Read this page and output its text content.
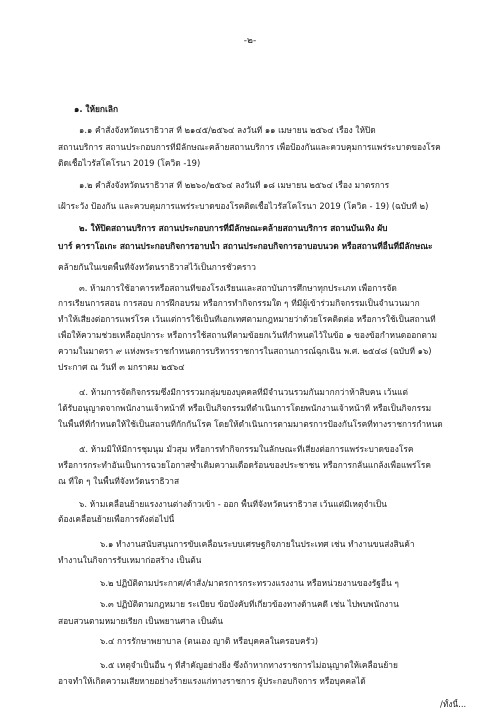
-๒-
๑. ให้ยกเลิก
๑.๑ คำสั่งจังหวัดนราธิวาส ที่ ๒๑๔๕/๒๕๖๔ ลงวันที่ ๑๑ เมษายน ๒๕๖๔ เรื่อง ให้ปิด
สถานบริการ สถานประกอบการที่มีลักษณะคล้ายสถานบริการ เพื่อป้องกันและควบคุมการแพร่ระบาดของโรค
ติดเชื้อไวรัสโคโรนา 2019 (โควิด -19)
๑.๒ คำสั่งจังหวัดนราธิวาส ที่ ๒๒๖๐/๒๕๖๔ ลงวันที่ ๑๘ เมษายน ๒๕๖๔ เรื่อง มาตรการ
เฝ้าระวัง ป้องกัน และควบคุมการแพร่ระบาดของโรคติดเชื้อไวรัสโคโรนา 2019 (โควิด - 19) (ฉบับที่ ๒)
๒. ให้ปิดสถานบริการ สถานประกอบการที่มีลักษณะคล้ายสถานบริการ สถานบันเทิง ผับ
บาร์ คาราโอเกะ สถานประกอบกิจการอาบน้ำ สถานประกอบกิจการอาบอบนวด หรือสถานที่อื่นที่มีลักษณะ
คล้ายกันในเขตพื้นที่จังหวัดนราธิวาสไว้เป็นการชั่วคราว
๓. ห้ามการใช้อาคารหรือสถานที่ของโรงเรียนและสถาบันการศึกษาทุกประเภท เพื่อการจัด
การเรียนการสอน การสอบ การฝึกอบรม หรือการทำกิจกรรมใด ๆ ที่มีผู้เข้าร่วมกิจกรรมเป็นจำนวนมาก
ทำให้เสี่ยงต่อการแพร่โรค เว้นแต่การใช้เป็นที่เอกเทศตามกฎหมายว่าด้วยโรคติดต่อ หรือการใช้เป็นสถานที่
เพื่อให้ความช่วยเหลืออุปการะ หรือการใช้สถานที่ตามข้อยกเว้นที่กำหนดไว้ในข้อ ๑ ของข้อกำหนดออกตาม
ความในมาตรา ๙ แห่งพระราชกำหนดการบริหารราชการในสถานการณ์ฉุกเฉิน พ.ศ. ๒๕๔๘ (ฉบับที่ ๑๖)
ประกาศ ณ วันที่ ๓ มกราคม ๒๕๖๔
๔. ห้ามการจัดกิจกรรมซึ่งมีการรวมกลุ่มของบุคคลที่มีจำนวนรวมกันมากกว่าห้าสิบคน เว้นแต่
ได้รับอนุญาตจากพนักงานเจ้าหน้าที่ หรือเป็นกิจกรรมที่ดำเนินการโดยพนักงานเจ้าหน้าที่ หรือเป็นกิจกรรม
ในพื้นที่ที่กำหนดให้ใช้เป็นสถานที่กักกันโรค โดยให้ดำเนินการตามมาตรการป้องกันโรคที่ทางราชการกำหนด
๕. ห้ามมิให้มีการชุมนุม มั่วสุม หรือการทำกิจกรรมในลักษณะที่เสี่ยงต่อการแพร่ระบาดของโรค
หรือการกระทำอันเป็นการฉวยโอกาสซ้ำเติมความเดือดร้อนของประชาชน หรือการกลั่นแกล้งเพื่อแพร่โรค
ณ ที่ใด ๆ ในพื้นที่จังหวัดนราธิวาส
๖. ห้ามเคลื่อนย้ายแรงงานต่างด้าวเข้า - ออก พื้นที่จังหวัดนราธิวาส เว้นแต่มีเหตุจำเป็น
ต้องเคลื่อนย้ายเพื่อการดังต่อไปนี้
๖.๑ ทำงานสนับสนุนการขับเคลื่อนระบบเศรษฐกิจภายในประเทศ เช่น ทำงานขนส่งสินค้า
ทำงานในกิจการรับเหมาก่อสร้าง เป็นต้น
๖.๒ ปฏิบัติตามประกาศ/คำสั่ง/มาตรการกระทรวงแรงงาน หรือหน่วยงานของรัฐอื่น ๆ
๖.๓ ปฏิบัติตามกฎหมาย ระเบียบ ข้อบังคับที่เกี่ยวข้องทางด้านคดี เช่น ไปพบพนักงาน
สอบสวนตามหมายเรียก เป็นพยานศาล เป็นต้น
๖.๔ การรักษาพยาบาล (ตนเอง ญาติ หรือบุคคลในครอบครัว)
๖.๕ เหตุจำเป็นอื่น ๆ ที่สำคัญอย่างยิ่ง ซึ่งถ้าหากทางราชการไม่อนุญาตให้เคลื่อนย้าย
อาจทำให้เกิดความเสียหายอย่างร้ายแรงแก่ทางราชการ ผู้ประกอบกิจการ หรือบุคคลได้
/ทั้งนี้...
